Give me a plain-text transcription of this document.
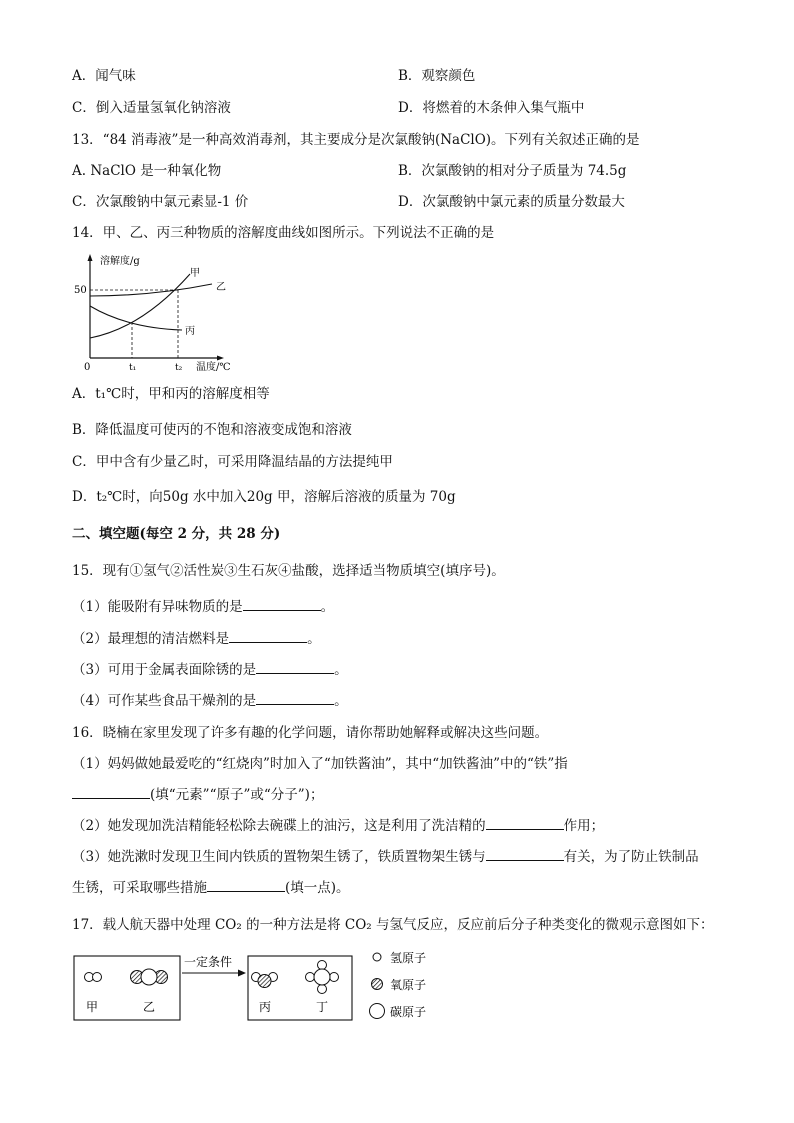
A．闻气味	B．观察颜色
C．倒入适量氢氧化钠溶液	D．将燃着的木条伸入集气瓶中
13．“84 消毒液”是一种高效消毒剂，其主要成分是次氯酸钠(NaClO)。下列有关叙述正确的是
A. NaClO 是一种氧化物	B．次氯酸钠的相对分子质量为 74.5g
C．次氯酸钠中氯元素显-1 价	D．次氯酸钠中氯元素的质量分数最大
14．甲、乙、丙三种物质的溶解度曲线如图所示。下列说法不正确的是
溶解度/g
50
0	t₁	t₂ 温度/℃
甲
乙
丙
A．t₁℃时，甲和丙的溶解度相等
B．降低温度可使丙的不饱和溶液变成饱和溶液
C．甲中含有少量乙时，可采用降温结晶的方法提纯甲
D．t₂℃时，向50g 水中加入20g 甲，溶解后溶液的质量为 70g
二、填空题(每空 2 分，共 28 分)
15．现有①氢气②活性炭③生石灰④盐酸，选择适当物质填空(填序号)。
（1）能吸附有异味物质的是	。
（2）最理想的清洁燃料是	。
（3）可用于金属表面除锈的是	。
（4）可作某些食品干燥剂的是	。
16．晓楠在家里发现了许多有趣的化学问题，请你帮助她解释或解决这些问题。
（1）妈妈做她最爱吃的“红烧肉”时加入了“加铁酱油”，其中“加铁酱油”中的“铁”指
(填“元素”“原子”或“分子”)；
（2）她发现加洗洁精能轻松除去碗碟上的油污，这是利用了洗洁精的	作用；
（3）她洗漱时发现卫生间内铁质的置物架生锈了，铁质置物架生锈与	有关，为了防止铁制品
生锈，可采取哪些措施	(填一点)。
17．载人航天器中处理 CO₂ 的一种方法是将 CO₂ 与氢气反应，反应前后分子种类变化的微观示意图如下：
甲	乙
一定条件
丙	丁
氢原子
氧原子
碳原子
